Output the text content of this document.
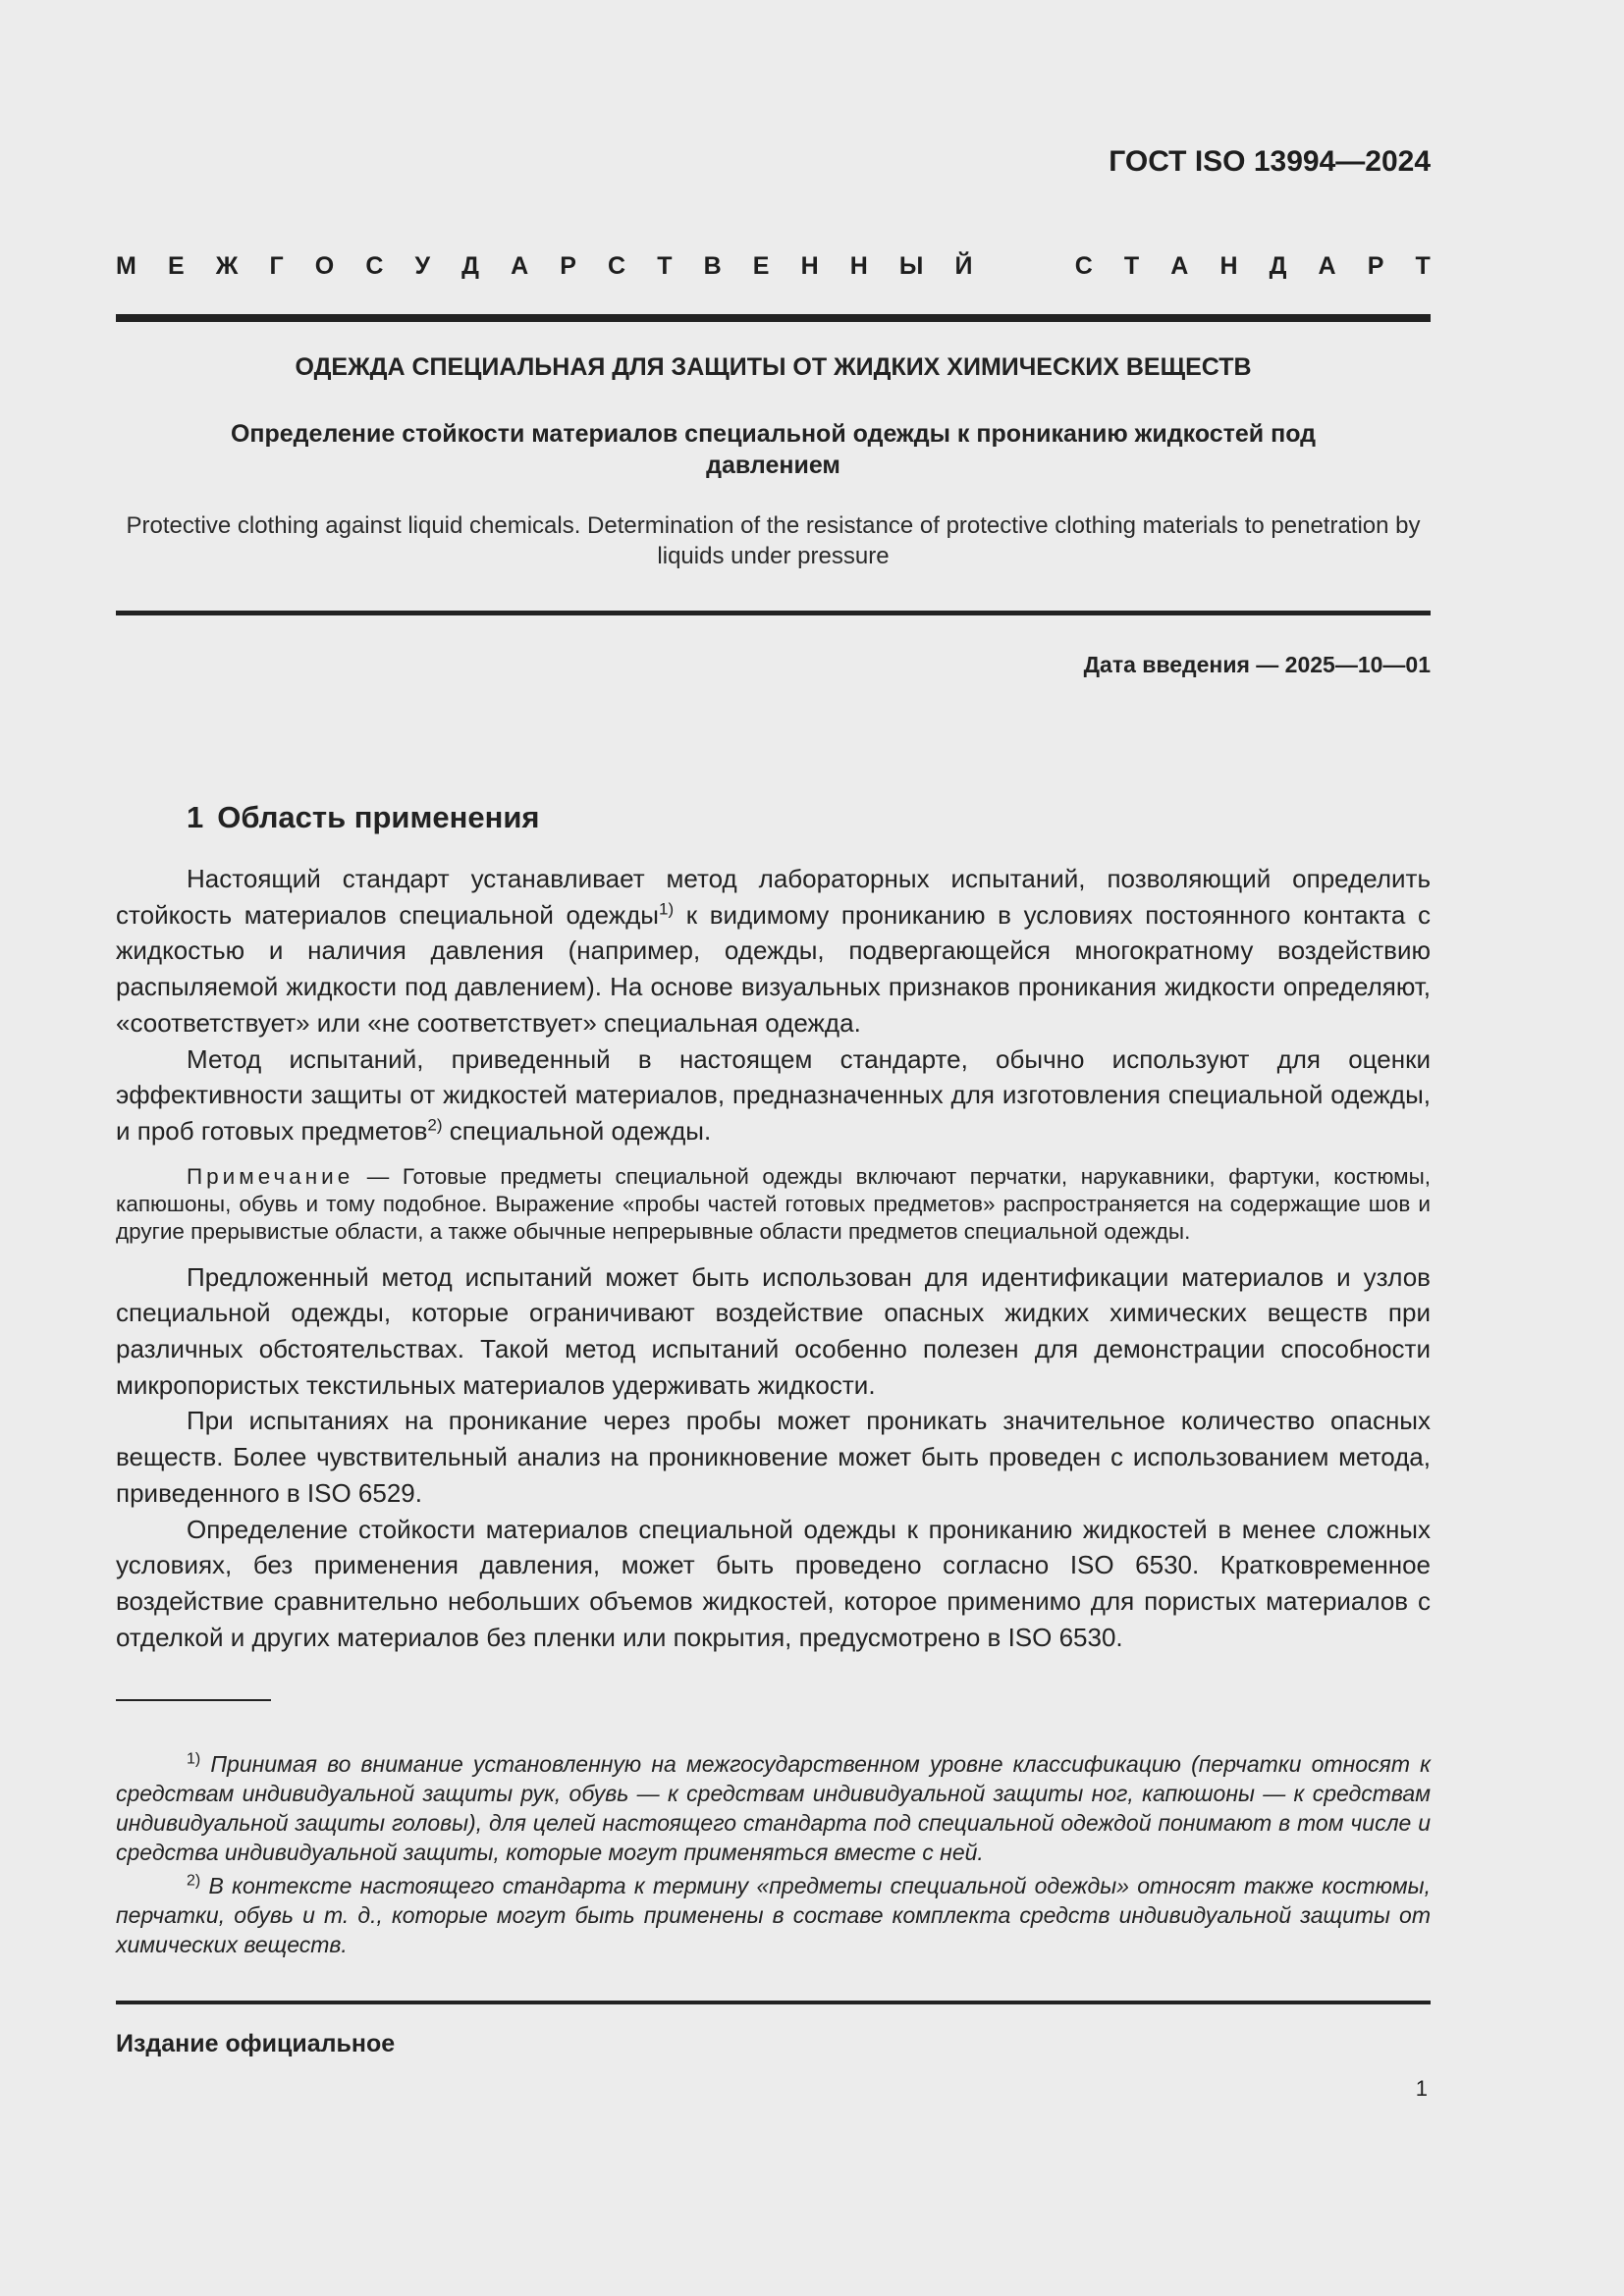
ГОСТ ISO 13994—2024
М Е Ж Г О С У Д А Р С Т В Е Н Н Ы Й	С Т А Н Д А Р Т
ОДЕЖДА СПЕЦИАЛЬНАЯ ДЛЯ ЗАЩИТЫ ОТ ЖИДКИХ ХИМИЧЕСКИХ ВЕЩЕСТВ
Определение стойкости материалов специальной одежды к прониканию жидкостей под давлением
Protective clothing against liquid chemicals. Determination of the resistance of protective clothing materials to penetration by liquids under pressure
Дата введения — 2025—10—01
1 Область применения

Настоящий стандарт устанавливает метод лабораторных испытаний, позволяющий определить стойкость материалов специальной одежды$^{1)}$ к видимому прониканию в условиях постоянного контакта с жидкостью и наличия давления (например, одежды, подвергающейся многократному воздействию распыляемой жидкости под давлением). На основе визуальных признаков проникания жидкости определяют, «соответствует» или «не соответствует» специальная одежда.

Метод испытаний, приведенный в настоящем стандарте, обычно используют для оценки эффективности защиты от жидкостей материалов, предназначенных для изготовления специальной одежды, и проб готовых предметов$^{2)}$ специальной одежды.

Примечание — Готовые предметы специальной одежды включают перчатки, нарукавники, фартуки, костюмы, капюшоны, обувь и тому подобное. Выражение «пробы частей готовых предметов» распространяется на содержащие шов и другие прерывистые области, а также обычные непрерывные области предметов специальной одежды.

Предложенный метод испытаний может быть использован для идентификации материалов и узлов специальной одежды, которые ограничивают воздействие опасных жидких химических веществ при различных обстоятельствах. Такой метод испытаний особенно полезен для демонстрации способности микропористых текстильных материалов удерживать жидкости.

При испытаниях на проникание через пробы может проникать значительное количество опасных веществ. Более чувствительный анализ на проникновение может быть проведен с использованием метода, приведенного в ISO 6529.

Определение стойкости материалов специальной одежды к прониканию жидкостей в менее сложных условиях, без применения давления, может быть проведено согласно ISO 6530. Кратковременное воздействие сравнительно небольших объемов жидкостей, которое применимо для пористых материалов с отделкой и других материалов без пленки или покрытия, предусмотрено в ISO 6530.

$^{1)}$ Принимая во внимание установленную на межгосударственном уровне классификацию (перчатки относят к средствам индивидуальной защиты рук, обувь — к средствам индивидуальной защиты ног, капюшоны — к средствам индивидуальной защиты головы), для целей настоящего стандарта под специальной одеждой понимают в том числе и средства индивидуальной защиты, которые могут применяться вместе с ней.

$^{2)}$ В контексте настоящего стандарта к термину «предметы специальной одежды» относят также костюмы, перчатки, обувь и т. д., которые могут быть применены в составе комплекта средств индивидуальной защиты от химических веществ.

Издание официальное
1
